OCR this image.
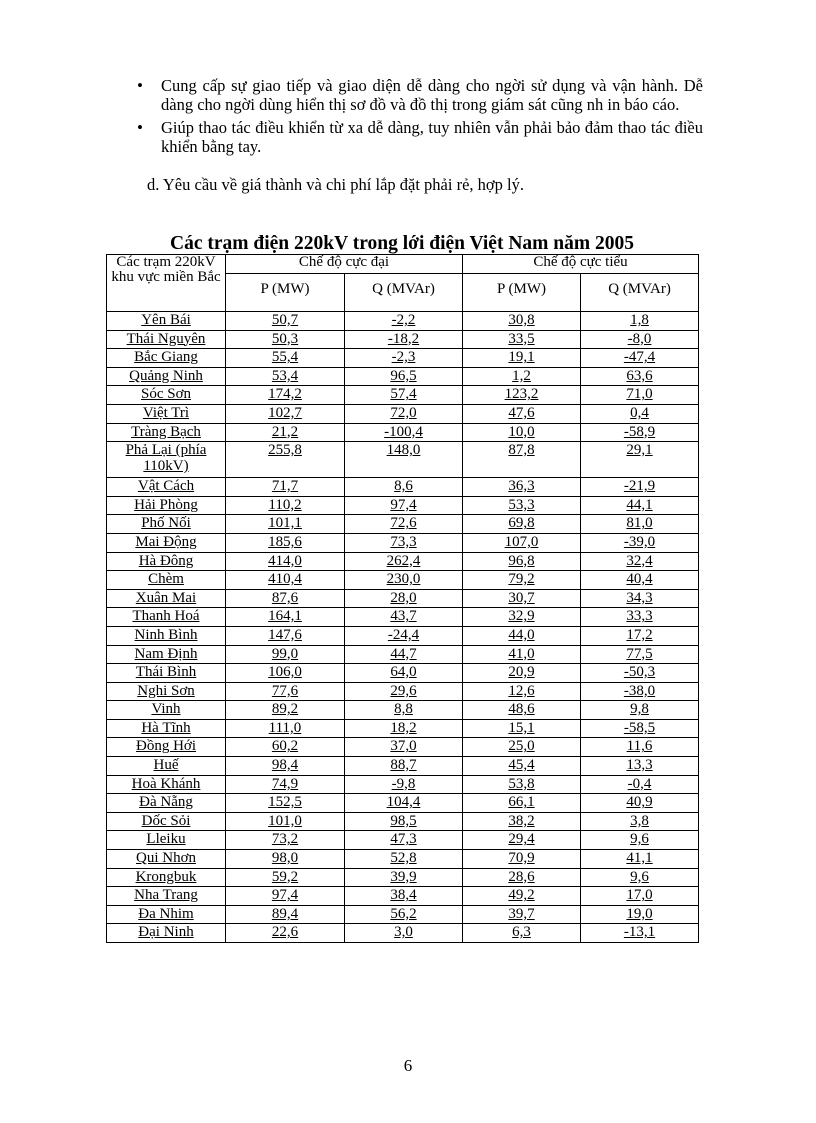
• Cung cấp sự giao tiếp và giao diện dễ dàng cho ngời sử dụng và vận hành. Dễ dàng cho ngời dùng hiển thị sơ đồ và đồ thị trong giám sát cũng nh in báo cáo.
• Giúp thao tác điều khiển từ xa dễ dàng, tuy nhiên vẫn phải bảo đảm thao tác điều khiển bằng tay.
d. Yêu cầu về giá thành và chi phí lắp đặt phải rẻ, hợp lý.
Các trạm điện 220kV trong lới điện Việt Nam năm 2005
Các trạm 220kV khu vực miền Bắc	Chế độ cực đại		Chế độ cực tiểu	
	P (MW)	Q (MVAr)	P (MW)	Q (MVAr)
Yên Bái	50,7	-2,2	30,8	1,8
Thái Nguyên	50,3	-18,2	33,5	-8,0
Bắc Giang	55,4	-2,3	19,1	-47,4
Quảng Ninh	53,4	96,5	1,2	63,6
Sóc Sơn	174,2	57,4	123,2	71,0
Việt Trì	102,7	72,0	47,6	0,4
Tràng Bạch	21,2	-100,4	10,0	-58,9
Phả Lại (phía 110kV)	255,8	148,0	87,8	29,1
Vật Cách	71,7	8,6	36,3	-21,9
Hải Phòng	110,2	97,4	53,3	44,1
Phố Nối	101,1	72,6	69,8	81,0
Mai Động	185,6	73,3	107,0	-39,0
Hà Đông	414,0	262,4	96,8	32,4
Chèm	410,4	230,0	79,2	40,4
Xuân Mai	87,6	28,0	30,7	34,3
Thanh Hoá	164,1	43,7	32,9	33,3
Ninh Bình	147,6	-24,4	44,0	17,2
Nam Định	99,0	44,7	41,0	77,5
Thái Bình	106,0	64,0	20,9	-50,3
Nghi Sơn	77,6	29,6	12,6	-38,0
Vinh	89,2	8,8	48,6	9,8
Hà Tĩnh	111,0	18,2	15,1	-58,5
Đồng Hới	60,2	37,0	25,0	11,6
Huế	98,4	88,7	45,4	13,3
Hoà Khánh	74,9	-9,8	53,8	-0,4
Đà Nẵng	152,5	104,4	66,1	40,9
Dốc Sỏi	101,0	98,5	38,2	3,8
Lleiku	73,2	47,3	29,4	9,6
Qui Nhơn	98,0	52,8	70,9	41,1
Krongbuk	59,2	39,9	28,6	9,6
Nha Trang	97,4	38,4	49,2	17,0
Đa Nhim	89,4	56,2	39,7	19,0
Đại Ninh	22,6	3,0	6,3	-13,1
6
